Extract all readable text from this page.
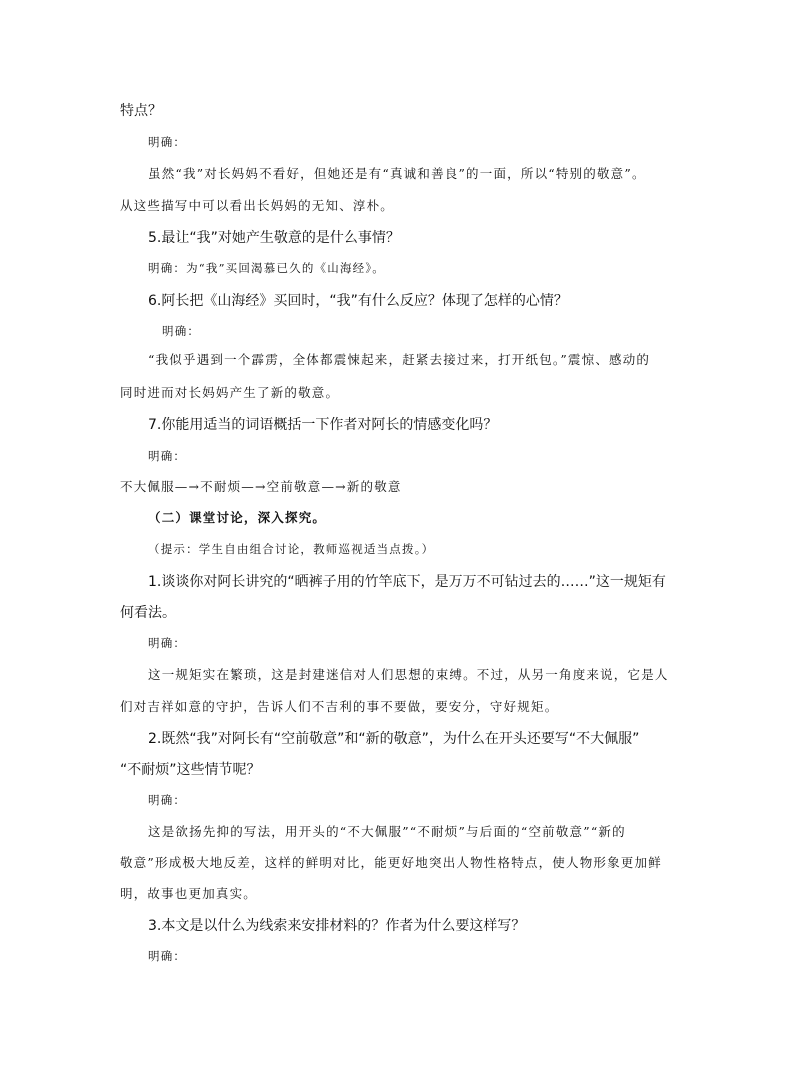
特点？
明确：
虽然“我”对长妈妈不看好，但她还是有“真诚和善良”的一面，所以“特别的敬意”。
从这些描写中可以看出长妈妈的无知、淳朴。
5.最让“我”对她产生敬意的是什么事情？
明确：为“我”买回渴慕已久的《山海经》。
6.阿长把《山海经》买回时，“我”有什么反应？体现了怎样的心情？
明确：
“我似乎遇到一个霹雳，全体都震悚起来，赶紧去接过来，打开纸包。”震惊、感动的
同时进而对长妈妈产生了新的敬意。
7.你能用适当的词语概括一下作者对阿长的情感变化吗？
明确：
不大佩服—→不耐烦—→空前敬意—→新的敬意
（二）课堂讨论，深入探究。
（提示：学生自由组合讨论，教师巡视适当点拨。）
1.谈谈你对阿长讲究的“晒裤子用的竹竿底下，是万万不可钻过去的……”这一规矩有
何看法。
明确：
这一规矩实在繁琐，这是封建迷信对人们思想的束缚。不过，从另一角度来说，它是人
们对吉祥如意的守护，告诉人们不吉利的事不要做，要安分，守好规矩。
2.既然“我”对阿长有“空前敬意”和“新的敬意”，为什么在开头还要写“不大佩服”
“不耐烦”这些情节呢？
明确：
这是欲扬先抑的写法，用开头的“不大佩服”“不耐烦”与后面的“空前敬意”“新的
敬意”形成极大地反差，这样的鲜明对比，能更好地突出人物性格特点，使人物形象更加鲜
明，故事也更加真实。
3.本文是以什么为线索来安排材料的？作者为什么要这样写？
明确：
